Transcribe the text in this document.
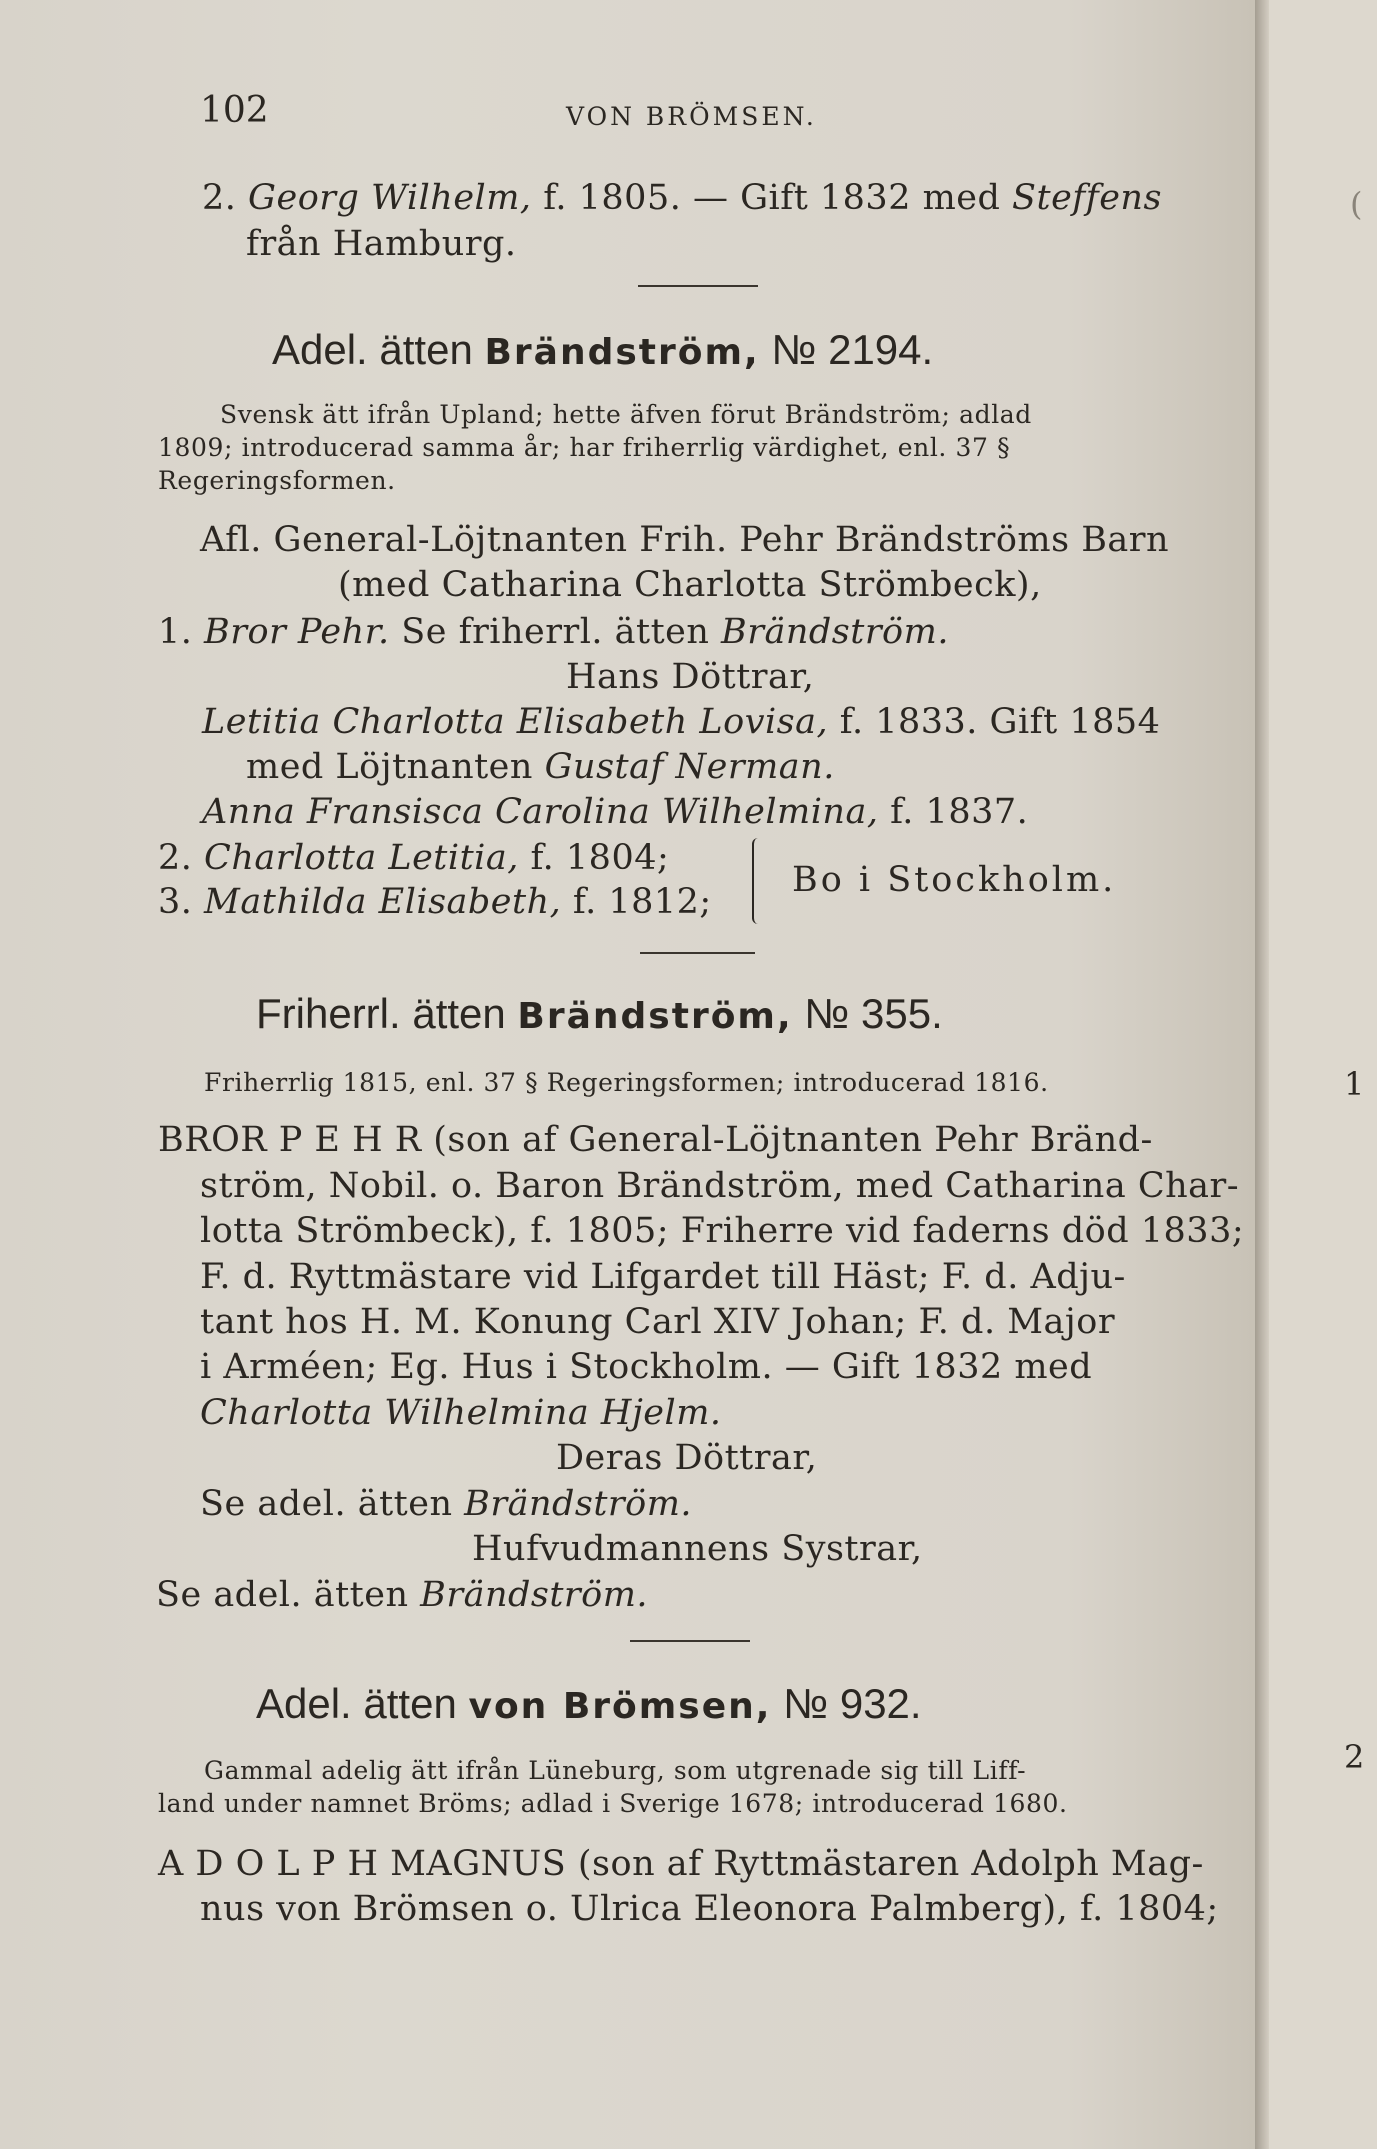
102	VON BRÖMSEN.
2. Georg Wilhelm, f. 1805. — Gift 1832 med Steffens
från Hamburg.
Adel. ätten Brändström, № 2194.
Svensk ätt ifrån Upland; hette äfven förut Brändström; adlad
1809; introducerad samma år; har friherrlig värdighet, enl. 37 §
Regeringsformen.
Afl. General-Löjtnanten Frih. Pehr Brändströms Barn
(med Catharina Charlotta Strömbeck),
1. Bror Pehr. Se friherrl. ätten Brändström.
Hans Döttrar,
Letitia Charlotta Elisabeth Lovisa, f. 1833. Gift 1854
med Löjtnanten Gustaf Nerman.
Anna Fransisca Carolina Wilhelmina, f. 1837.
2. Charlotta Letitia, f. 1804;
3. Mathilda Elisabeth, f. 1812;
Bo i Stockholm.
Friherrl. ätten Brändström, № 355.
Friherrlig 1815, enl. 37 § Regeringsformen; introducerad 1816.
BROR P E H R (son af General-Löjtnanten Pehr Bränd-
ström, Nobil. o. Baron Brändström, med Catharina Char-
lotta Strömbeck), f. 1805; Friherre vid faderns död 1833;
F. d. Ryttmästare vid Lifgardet till Häst; F. d. Adju-
tant hos H. M. Konung Carl XIV Johan; F. d. Major
i Arméen; Eg. Hus i Stockholm. — Gift 1832 med
Charlotta Wilhelmina Hjelm.
Deras Döttrar,
Se adel. ätten Brändström.
Hufvudmannens Systrar,
Se adel. ätten Brändström.
Adel. ätten von Brömsen, № 932.
Gammal adelig ätt ifrån Lüneburg, som utgrenade sig till Liff-
land under namnet Bröms; adlad i Sverige 1678; introducerad 1680.
A D O L P H MAGNUS (son af Ryttmästaren Adolph Mag-
nus von Brömsen o. Ulrica Eleonora Palmberg), f. 1804;
1
2
(
